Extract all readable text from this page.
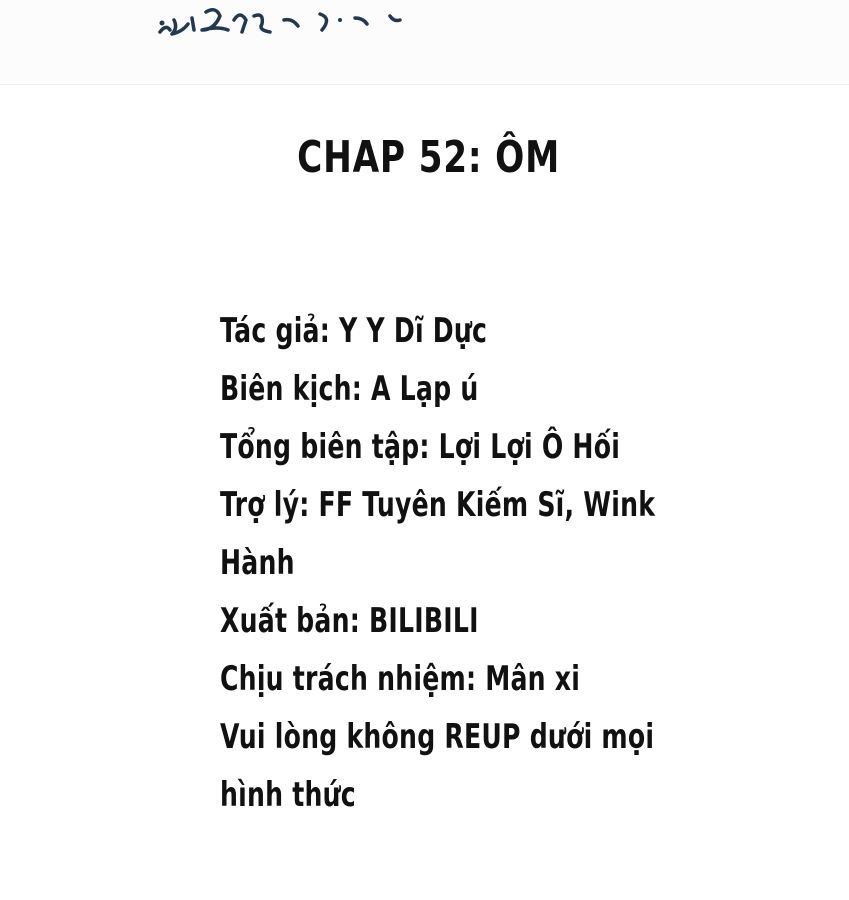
CHAP 52: ÔM
Tác giả: Y Y Dĩ Dực
Biên kịch: A Lạp ú
Tổng biên tập: Lợi Lợi Ô Hối
Trợ lý: FF Tuyên Kiếm Sĩ, Wink
Hành
Xuất bản: BILIBILI
Chịu trách nhiệm: Mân xi
Vui lòng không REUP dưới mọi
hình thức
